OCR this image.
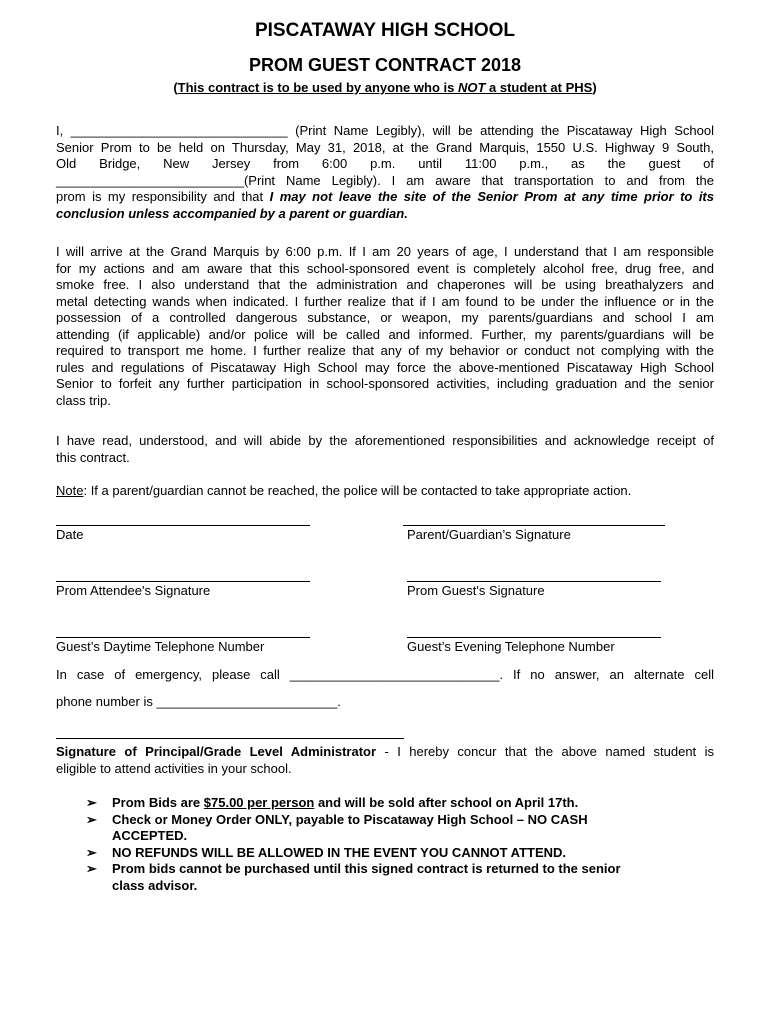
PISCATAWAY HIGH SCHOOL
PROM GUEST CONTRACT 2018
(This contract is to be used by anyone who is NOT a student at PHS)
I, ______________________________ (Print Name Legibly), will be attending the Piscataway High School
Senior Prom to be held on Thursday, May 31, 2018, at the Grand Marquis, 1550 U.S. Highway 9 South,
Old Bridge, New Jersey from 6:00 p.m. until 11:00 p.m., as the guest of
__________________________(Print Name Legibly). I am aware that transportation to and from the
prom is my responsibility and that I may not leave the site of the Senior Prom at any time prior to its
conclusion unless accompanied by a parent or guardian.
I will arrive at the Grand Marquis by 6:00 p.m. If I am 20 years of age, I understand that I am responsible
for my actions and am aware that this school-sponsored event is completely alcohol free, drug free, and
smoke free. I also understand that the administration and chaperones will be using breathalyzers and
metal detecting wands when indicated. I further realize that if I am found to be under the influence or in the
possession of a controlled dangerous substance, or weapon, my parents/guardians and school I am
attending (if applicable) and/or police will be called and informed. Further, my parents/guardians will be
required to transport me home. I further realize that any of my behavior or conduct not complying with the
rules and regulations of Piscataway High School may force the above-mentioned Piscataway High School
Senior to forfeit any further participation in school-sponsored activities, including graduation and the senior
class trip.
I have read, understood, and will abide by the aforementioned responsibilities and acknowledge receipt of
this contract.
Note: If a parent/guardian cannot be reached, the police will be contacted to take appropriate action.
Date	Parent/Guardian’s Signature
Prom Attendee's Signature	Prom Guest's Signature
Guest’s Daytime Telephone Number	Guest’s Evening Telephone Number
In case of emergency, please call _____________________________. If no answer, an alternate cell
phone number is _________________________.
Signature of Principal/Grade Level Administrator - I hereby concur that the above named student is
eligible to attend activities in your school.
➢ Prom Bids are $75.00 per person and will be sold after school on April 17th.
➢ Check or Money Order ONLY, payable to Piscataway High School – NO CASH
ACCEPTED.
➢ NO REFUNDS WILL BE ALLOWED IN THE EVENT YOU CANNOT ATTEND.
➢ Prom bids cannot be purchased until this signed contract is returned to the senior
class advisor.
